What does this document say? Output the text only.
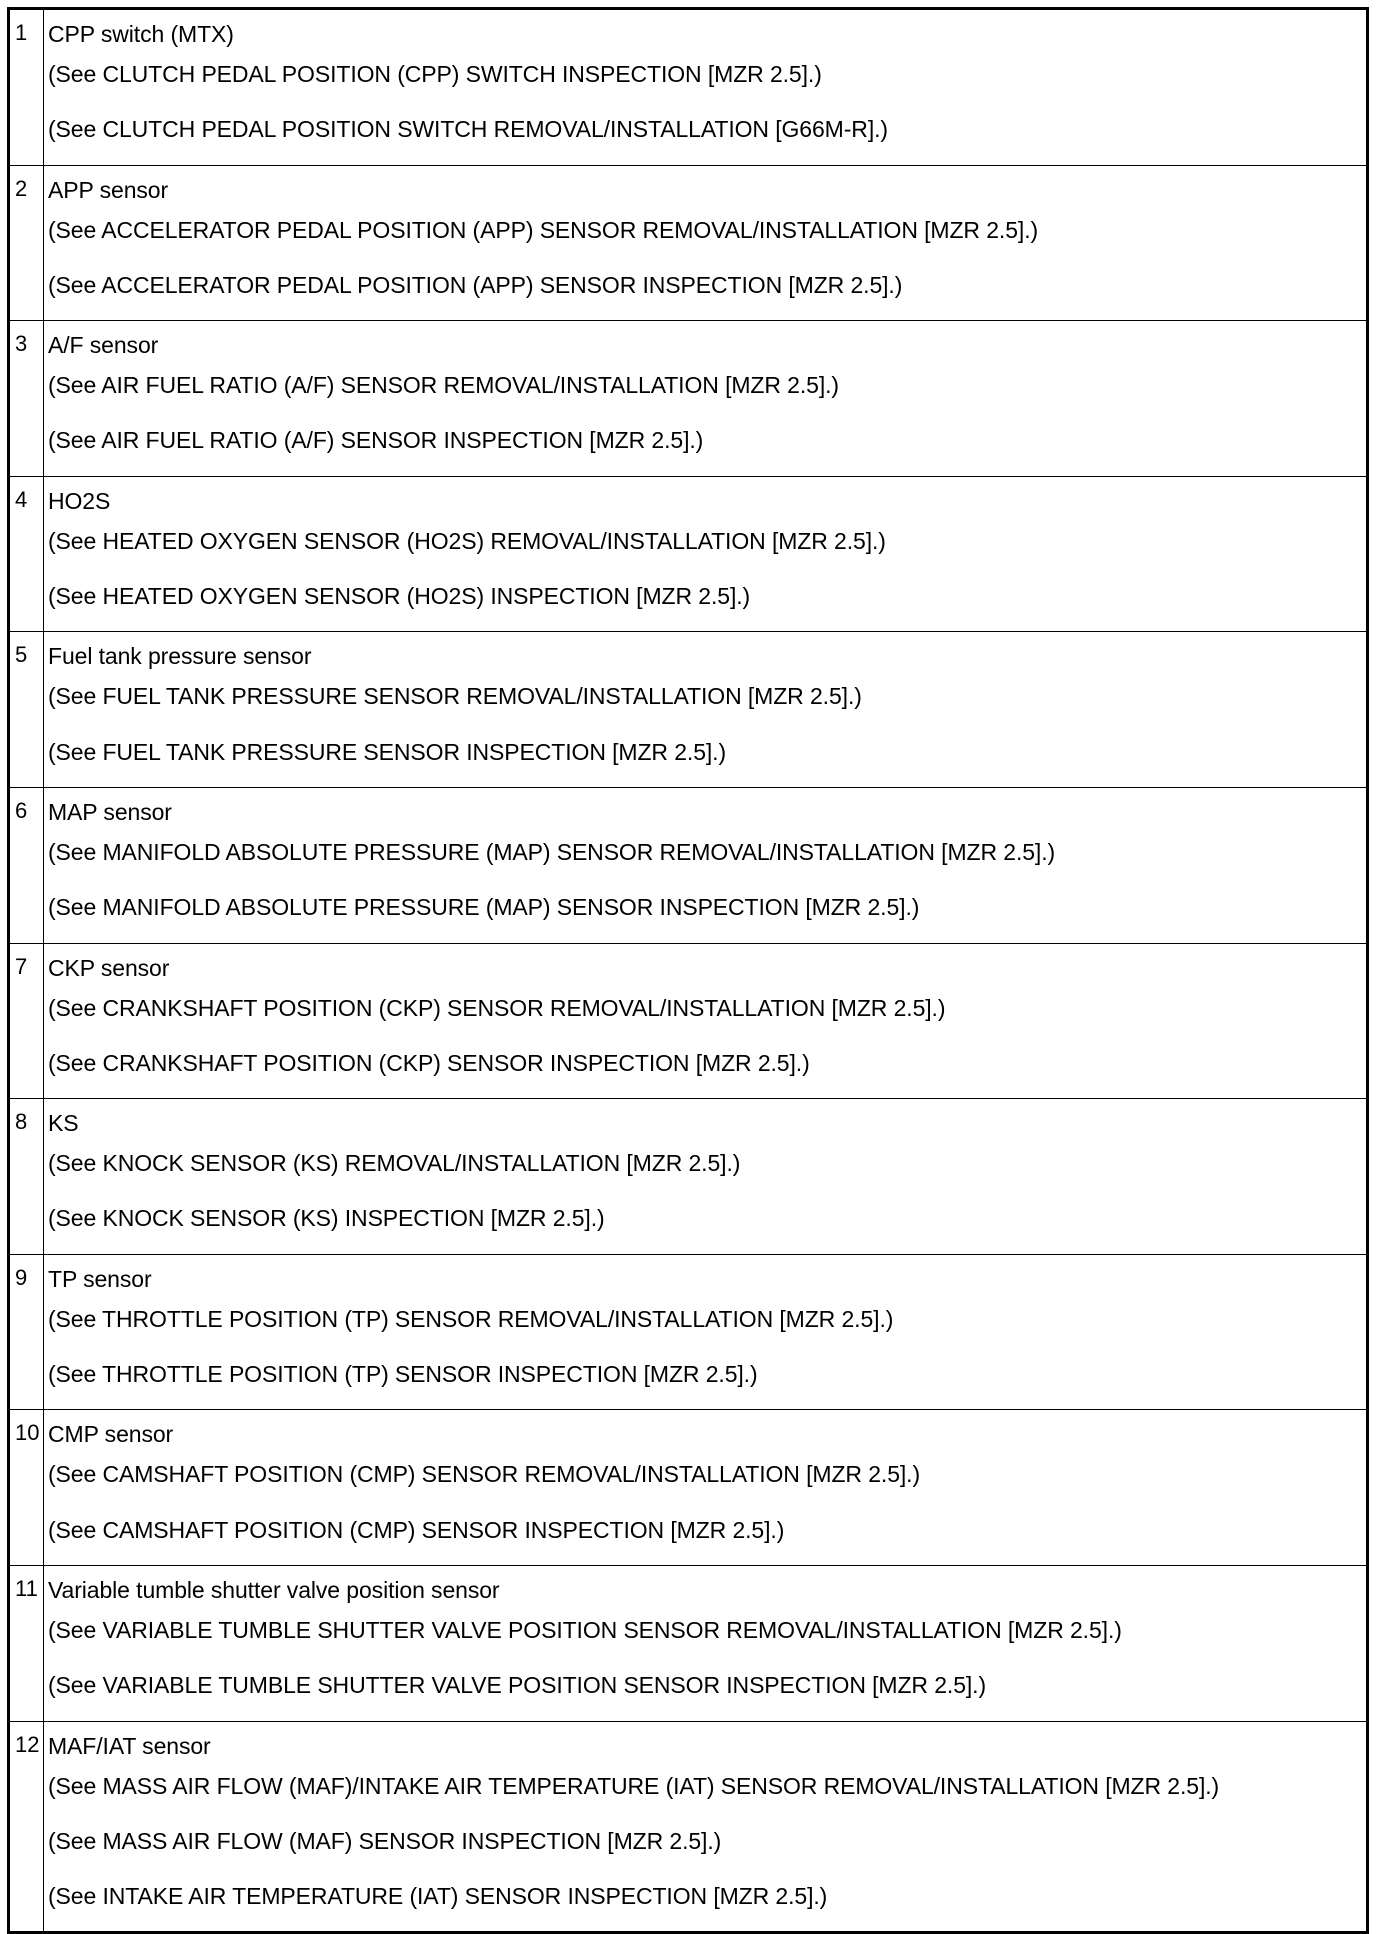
1	CPP switch (MTX)
(See CLUTCH PEDAL POSITION (CPP) SWITCH INSPECTION [MZR 2.5].)
(See CLUTCH PEDAL POSITION SWITCH REMOVAL/INSTALLATION [G66M-R].)

2	APP sensor
(See ACCELERATOR PEDAL POSITION (APP) SENSOR REMOVAL/INSTALLATION [MZR 2.5].)
(See ACCELERATOR PEDAL POSITION (APP) SENSOR INSPECTION [MZR 2.5].)

3	A/F sensor
(See AIR FUEL RATIO (A/F) SENSOR REMOVAL/INSTALLATION [MZR 2.5].)
(See AIR FUEL RATIO (A/F) SENSOR INSPECTION [MZR 2.5].)

4	HO2S
(See HEATED OXYGEN SENSOR (HO2S) REMOVAL/INSTALLATION [MZR 2.5].)
(See HEATED OXYGEN SENSOR (HO2S) INSPECTION [MZR 2.5].)

5	Fuel tank pressure sensor
(See FUEL TANK PRESSURE SENSOR REMOVAL/INSTALLATION [MZR 2.5].)
(See FUEL TANK PRESSURE SENSOR INSPECTION [MZR 2.5].)

6	MAP sensor
(See MANIFOLD ABSOLUTE PRESSURE (MAP) SENSOR REMOVAL/INSTALLATION [MZR 2.5].)
(See MANIFOLD ABSOLUTE PRESSURE (MAP) SENSOR INSPECTION [MZR 2.5].)

7	CKP sensor
(See CRANKSHAFT POSITION (CKP) SENSOR REMOVAL/INSTALLATION [MZR 2.5].)
(See CRANKSHAFT POSITION (CKP) SENSOR INSPECTION [MZR 2.5].)

8	KS
(See KNOCK SENSOR (KS) REMOVAL/INSTALLATION [MZR 2.5].)
(See KNOCK SENSOR (KS) INSPECTION [MZR 2.5].)

9	TP sensor
(See THROTTLE POSITION (TP) SENSOR REMOVAL/INSTALLATION [MZR 2.5].)
(See THROTTLE POSITION (TP) SENSOR INSPECTION [MZR 2.5].)

10	CMP sensor
(See CAMSHAFT POSITION (CMP) SENSOR REMOVAL/INSTALLATION [MZR 2.5].)
(See CAMSHAFT POSITION (CMP) SENSOR INSPECTION [MZR 2.5].)

11	Variable tumble shutter valve position sensor
(See VARIABLE TUMBLE SHUTTER VALVE POSITION SENSOR REMOVAL/INSTALLATION [MZR 2.5].)
(See VARIABLE TUMBLE SHUTTER VALVE POSITION SENSOR INSPECTION [MZR 2.5].)

12	MAF/IAT sensor
(See MASS AIR FLOW (MAF)/INTAKE AIR TEMPERATURE (IAT) SENSOR REMOVAL/INSTALLATION [MZR 2.5].)
(See MASS AIR FLOW (MAF) SENSOR INSPECTION [MZR 2.5].)
(See INTAKE AIR TEMPERATURE (IAT) SENSOR INSPECTION [MZR 2.5].)
